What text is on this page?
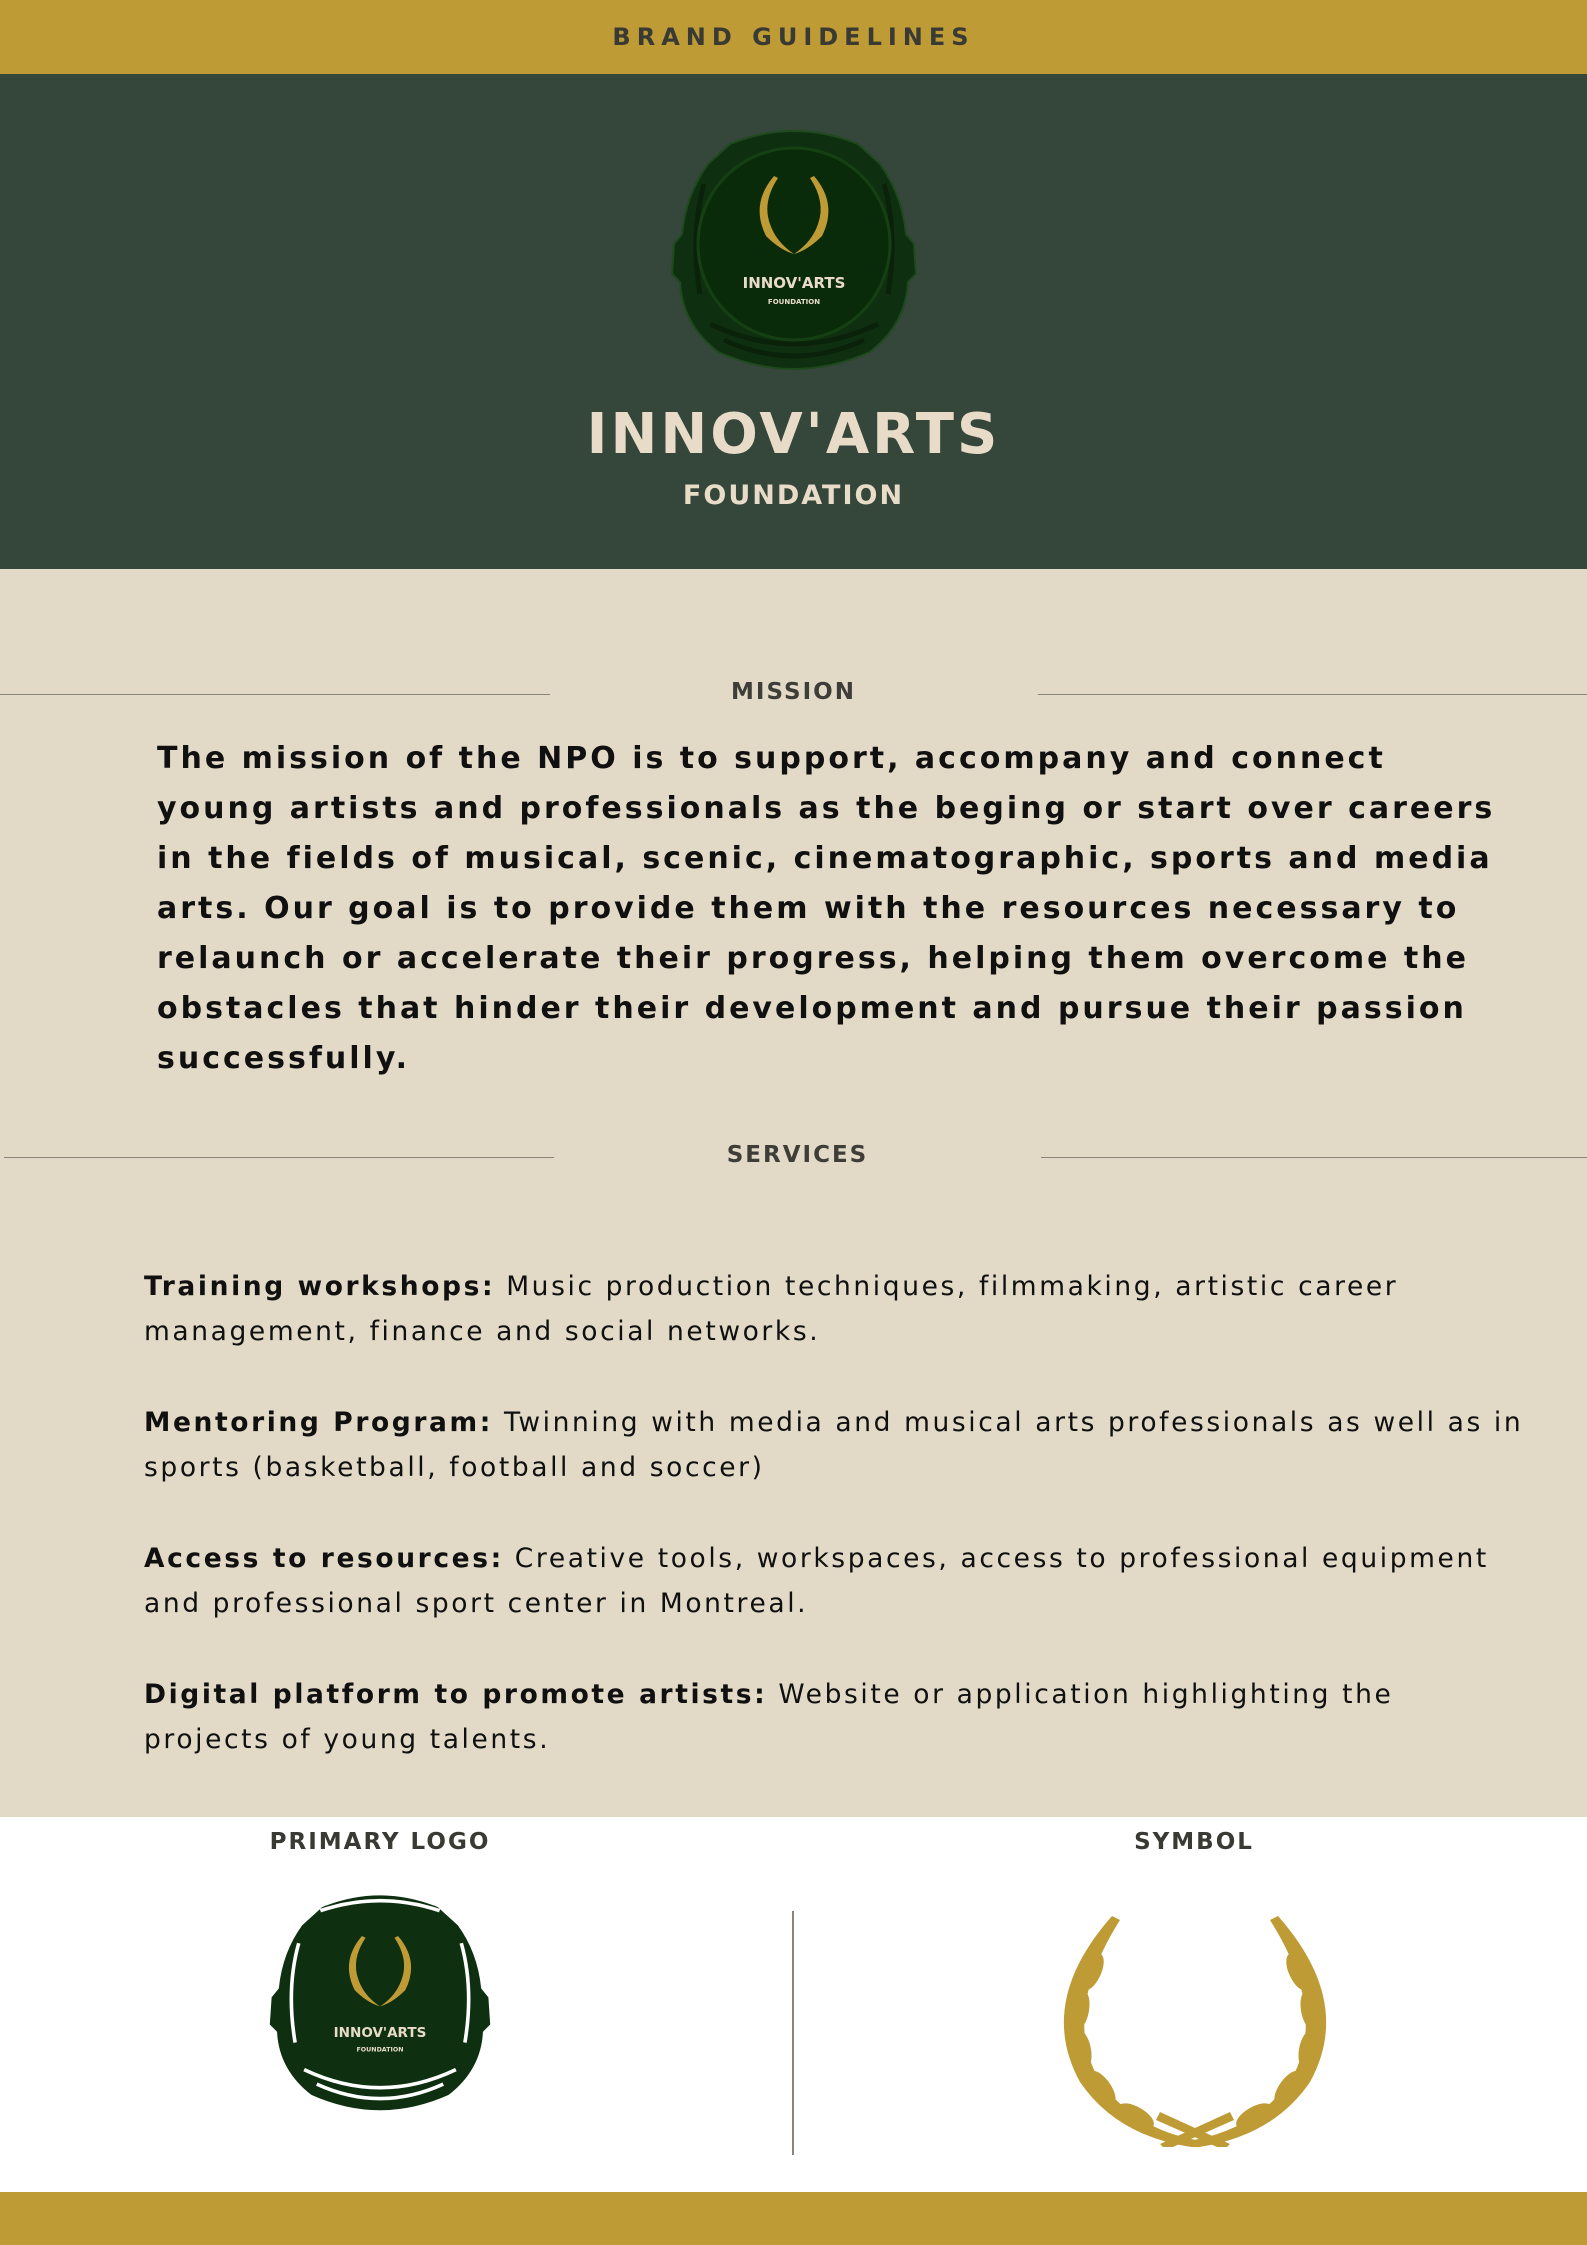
BRAND GUIDELINES
INNOV'ARTS
FOUNDATION
INNOV'ARTS
FOUNDATION
MISSION

The mission of the NPO is to support, accompany and connect young artists and professionals as the beging or start over careers in the fields of musical, scenic, cinematographic, sports and media arts. Our goal is to provide them with the resources necessary to relaunch or accelerate their progress, helping them overcome the obstacles that hinder their development and pursue their passion successfully.

SERVICES

Training workshops: Music production techniques, filmmaking, artistic career management, finance and social networks.

Mentoring Program: Twinning with media and musical arts professionals as well as in sports (basketball, football and soccer)

Access to resources: Creative tools, workspaces, access to professional equipment and professional sport center in Montreal.

Digital platform to promote artists: Website or application highlighting the projects of young talents.

PRIMARY LOGO	SYMBOL
INNOV'ARTS
FOUNDATION
